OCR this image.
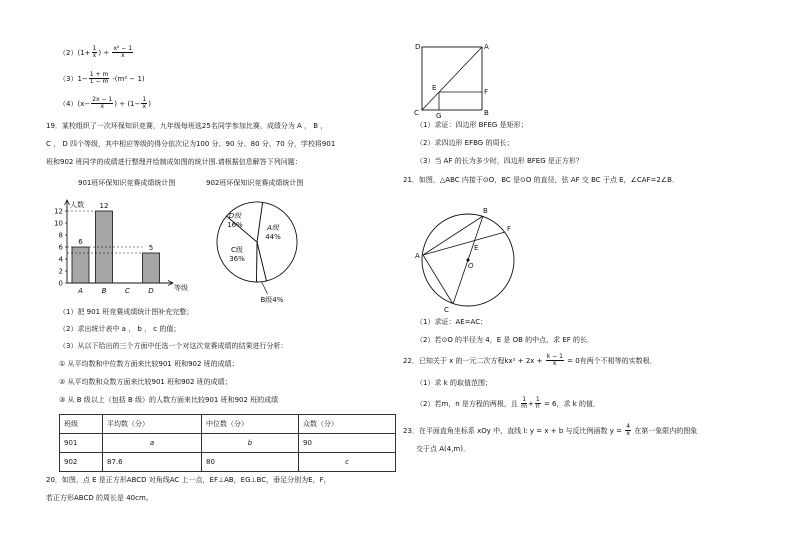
$(2)(1+ \frac{1}{x}$ ) ÷ $\frac{\text{x² − 1}}{x}$
$(3)1- \frac{1 + m}{1 - m} \cdot(m^2 - 1)$
$(4)(x- \frac{2x - 1}{x}$ ) ÷ ($1- \frac{1}{x}$ )
19．某校组织了一次环保知识竞赛，九年级每班选25名同学参加比赛，成绩分为 A ， B ，
C ， D 四个等级，其中相应等级的得分依次记为100 分、90 分、80 分、70 分，学校将901
班和902 班同学的成绩进行整理并绘制成如图的统计图.请根据信息解答下列问题：
901班环保知识竞赛成绩统计图	902班环保知识竞赛成绩统计图
人数
等级
0
2
4
6
8
10
12
6
A
12
B	C
5
D
A级
44%
B级4%
C级
36%
D级
16%
（1）把 901 班竞赛成绩统计图补充完整；
（2）求出统计表中 a ， b ， c 的值；
（3）从以下给出的三个方面中任选一个对这次竞赛成绩的结果进行分析：
① 从平均数和中位数方面来比较901 班和902 班的成绩；
② 从平均数和众数方面来比较901 班和902 班的成绩；
③ 从 B 级以上（包括 B 级）的人数方面来比较901 班和902 班的成绩
班级	平均数（分）	中位数（分）	众数（分）
901	a	b	90
902	87.6	80	c
20．如图，点 E 是正方形ABCD 对角线AC 上一点，EF⊥AB，EG⊥BC，垂足分别为E，F，
若正方形ABCD 的周长是 40cm。
D	A
E	F
C G	B
（1）求证：四边形 BFEG 是矩形；
（2）求四边形 EFBG 的周长；
（3）当 AF 的长为多少时，四边形 BFEG 是正方形？
21．如图，△ABC 内接于⊙O，BC 是⊙O 的直径，弦 AF 交 BC 于点 E，∠CAF=2∠B．
B
F
E
A
O
C
（1）求证：AE=AC；
（2）若⊙O 的半径为 4，E 是 OB 的中点，求 EF 的长．
22．已知关于 x 的一元二次方程$kx^2 + 2x + \frac{k - 1}{k} = 0$有两个不相等的实数根．
（1）求 k 的取值范围；
（2）若m，n 是方程的两根，且 $\frac{1}{m} + \frac{1}{n} = 6$，求 k 的值．
23．在平面直角坐标系 xOy 中，直线 l: y = x + b 与反比例函数 $y = \frac{4}{x}$ 在第一象限内的图象
交于点 A(4,m)．
